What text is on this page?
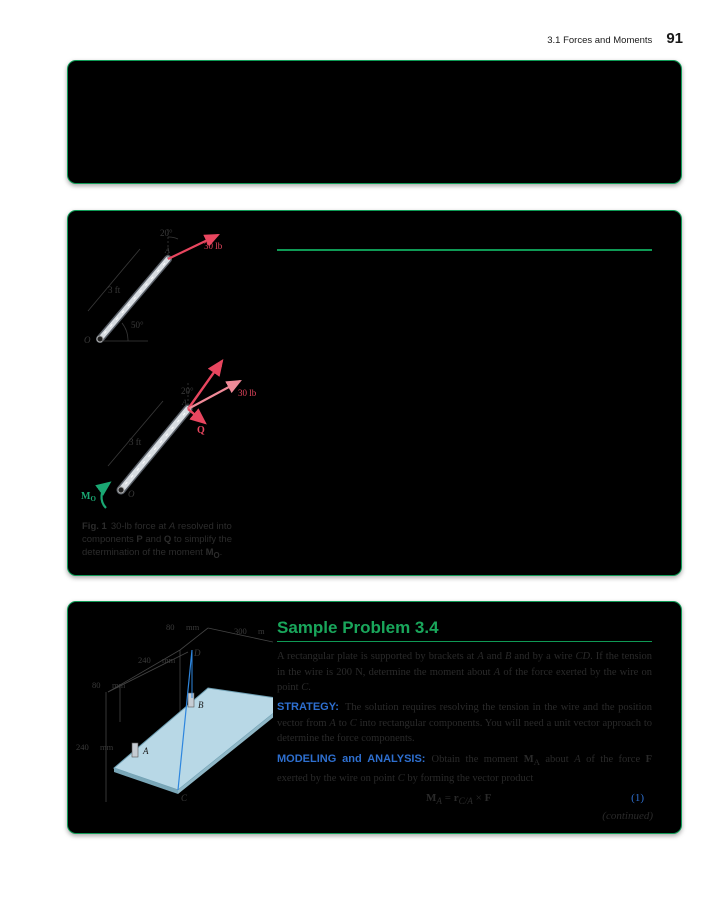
3.1 Forces and Moments 91
20°
30 lb
3 ft
50°
O
A
P
20°	30 lb
Q
3 ft
$M_O$	O
A
Fig. 1 30-lb force at A resolved into components P and Q to simplify the determination of the moment $M_O$.
80 mm	300 m
240 mm
D
80 mm
B
240 mm	A
C
Sample Problem 3.4
A rectangular plate is supported by brackets at A and B and by a wire CD. If the tension in the wire is 200 N, determine the moment about A of the force exerted by the wire on point C.
STRATEGY: The solution requires resolving the tension in the wire and the position vector from A to C into rectangular components. You will need a unit vector approach to determine the force components.
MODELING and ANALYSIS: Obtain the moment $M_A$ about A of the force F exerted by the wire on point C by forming the vector product
$M_A = r_{C/A} \times F$	(1)
(continued)
